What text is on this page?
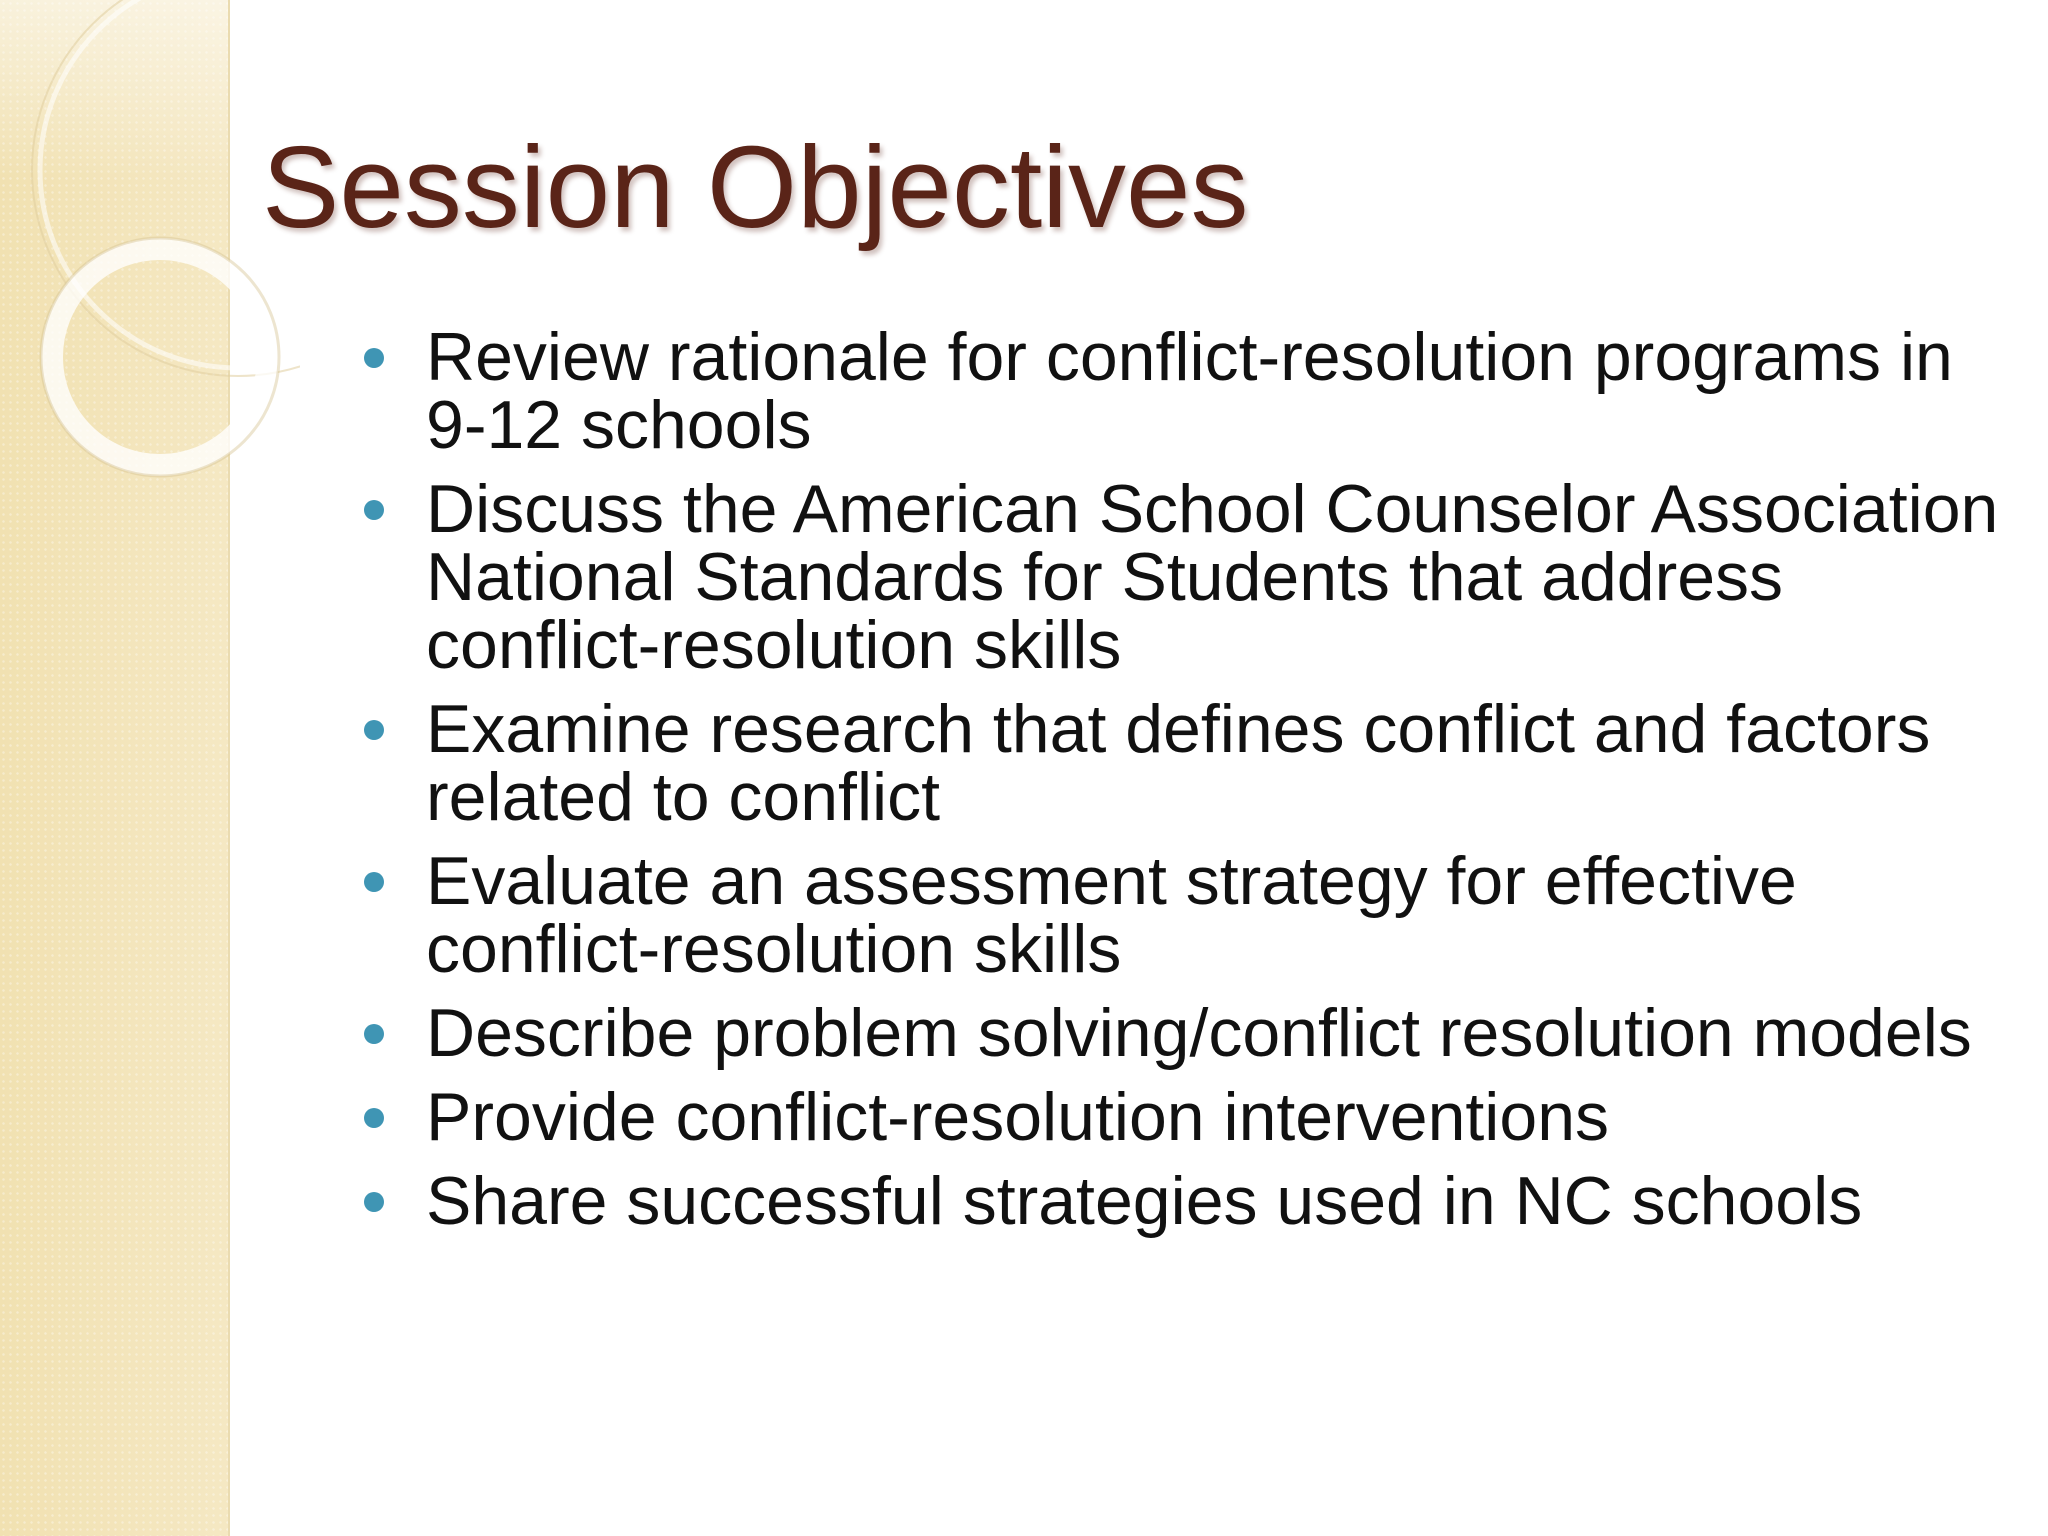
Session Objectives
Review rationale for conflict-resolution programs in 9-12 schools
Discuss the American School Counselor Association National Standards for Students that address conflict-resolution skills
Examine research that defines conflict and factors related to conflict
Evaluate an assessment strategy for effective conflict-resolution skills
Describe problem solving/conflict resolution models
Provide conflict-resolution interventions
Share successful strategies used in NC schools
